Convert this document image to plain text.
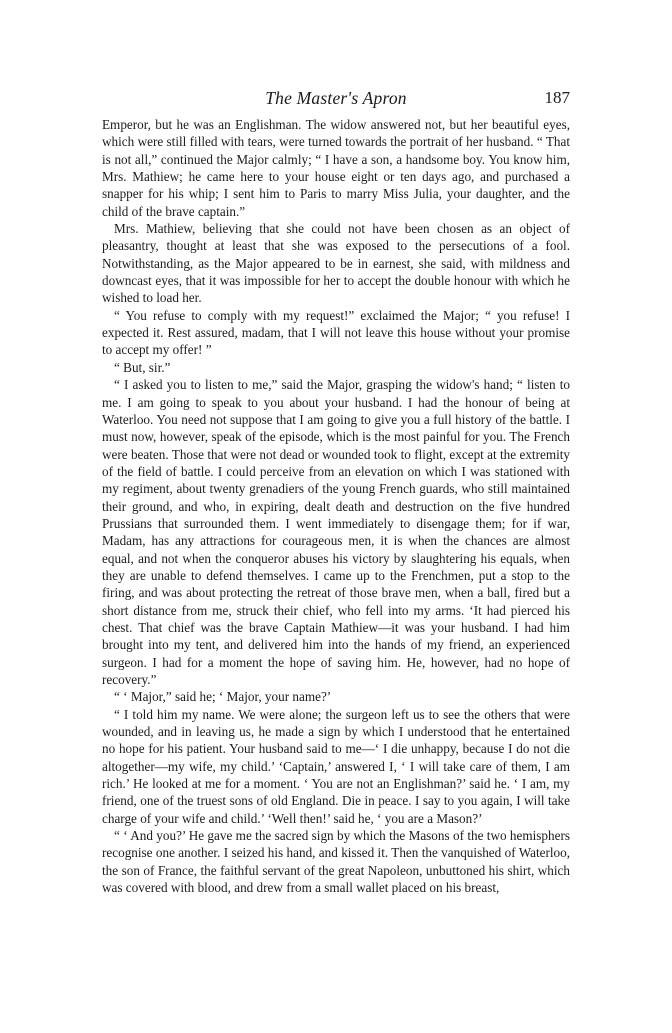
The Master's Apron	187

Emperor, but he was an Englishman. The widow answered not, but her beautiful eyes, which were still filled with tears, were turned towards the portrait of her husband. “ That is not all,” continued the Major calmly; “ I have a son, a handsome boy. You know him, Mrs. Mathiew; he came here to your house eight or ten days ago, and purchased a snapper for his whip; I sent him to Paris to marry Miss Julia, your daughter, and the child of the brave captain.”

Mrs. Mathiew, believing that she could not have been chosen as an object of pleasantry, thought at least that she was exposed to the persecutions of a fool. Notwithstanding, as the Major appeared to be in earnest, she said, with mildness and downcast eyes, that it was impossible for her to accept the double honour with which he wished to load her.

“ You refuse to comply with my request!” exclaimed the Major; “ you refuse! I expected it. Rest assured, madam, that I will not leave this house without your promise to accept my offer! ”

“ But, sir.”

“ I asked you to listen to me,” said the Major, grasping the widow's hand; “ listen to me. I am going to speak to you about your husband. I had the honour of being at Waterloo. You need not suppose that I am going to give you a full history of the battle. I must now, however, speak of the episode, which is the most painful for you. The French were beaten. Those that were not dead or wounded took to flight, except at the extremity of the field of battle. I could perceive from an elevation on which I was stationed with my regiment, about twenty grenadiers of the young French guards, who still maintained their ground, and who, in expiring, dealt death and destruction on the five hundred Prussians that surrounded them. I went immediately to disengage them; for if war, Madam, has any attractions for courageous men, it is when the chances are almost equal, and not when the conqueror abuses his victory by slaughtering his equals, when they are unable to defend themselves. I came up to the Frenchmen, put a stop to the firing, and was about protecting the retreat of those brave men, when a ball, fired but a short distance from me, struck their chief, who fell into my arms. ‘It had pierced his chest. That chief was the brave Captain Mathiew—it was your husband. I had him brought into my tent, and delivered him into the hands of my friend, an experienced surgeon. I had for a moment the hope of saving him. He, however, had no hope of recovery.”

“ ‘ Major,” said he; ‘ Major, your name?’

“ I told him my name. We were alone; the surgeon left us to see the others that were wounded, and in leaving us, he made a sign by which I understood that he entertained no hope for his patient. Your husband said to me—‘ I die unhappy, because I do not die altogether—my wife, my child.’ ‘Captain,’ answered I, ‘ I will take care of them, I am rich.’ He looked at me for a moment. ‘ You are not an Englishman?’ said he. ‘ I am, my friend, one of the truest sons of old England. Die in peace. I say to you again, I will take charge of your wife and child.’ ‘Well then!’ said he, ‘ you are a Mason?’

“ ‘ And you?’ He gave me the sacred sign by which the Masons of the two hemisphers recognise one another. I seized his hand, and kissed it. Then the vanquished of Waterloo, the son of France, the faithful servant of the great Napoleon, unbuttoned his shirt, which was covered with blood, and drew from a small wallet placed on his breast,
